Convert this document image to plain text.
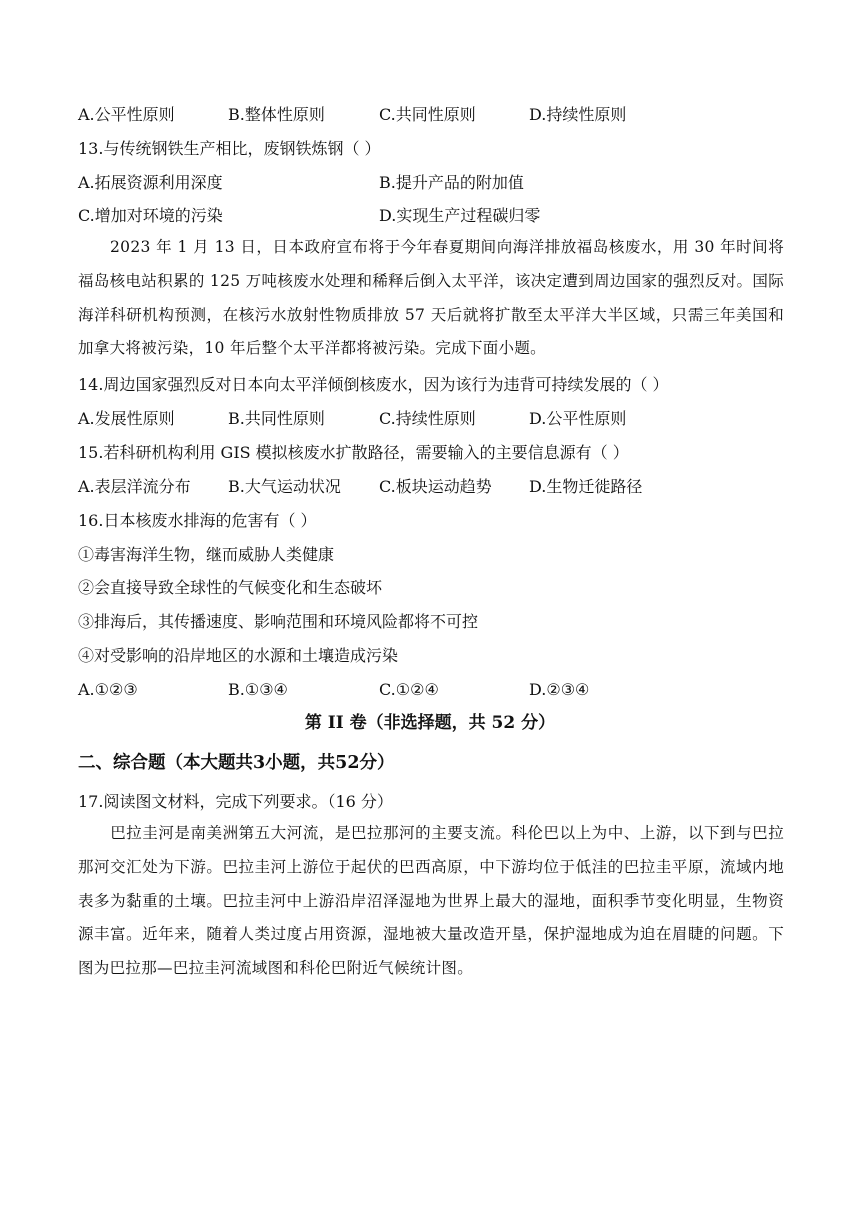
A.公平性原则	B.整体性原则	C.共同性原则	D.持续性原则
13.与传统钢铁生产相比，废钢铁炼钢（ ）
A.拓展资源利用深度	B.提升产品的附加值
C.增加对环境的污染	D.实现生产过程碳归零
2023 年 1 月 13 日，日本政府宣布将于今年春夏期间向海洋排放福岛核废水，用 30 年时间将福岛核电站积累的 125 万吨核废水处理和稀释后倒入太平洋，该决定遭到周边国家的强烈反对。国际海洋科研机构预测，在核污水放射性物质排放 57 天后就将扩散至太平洋大半区域，只需三年美国和加拿大将被污染，10 年后整个太平洋都将被污染。完成下面小题。
14.周边国家强烈反对日本向太平洋倾倒核废水，因为该行为违背可持续发展的（ ）
A.发展性原则	B.共同性原则	C.持续性原则	D.公平性原则
15.若科研机构利用 GIS 模拟核废水扩散路径，需要输入的主要信息源有（ ）
A.表层洋流分布 B.大气运动状况 C.板块运动趋势 D.生物迁徙路径
16.日本核废水排海的危害有（ ）
①毒害海洋生物，继而威胁人类健康
②会直接导致全球性的气候变化和生态破坏
③排海后，其传播速度、影响范围和环境风险都将不可控
④对受影响的沿岸地区的水源和土壤造成污染
A.①②③	B.①③④	C.①②④	D.②③④
第 II 卷（非选择题，共 52 分）
二、综合题（本大题共3小题，共52分）
17.阅读图文材料，完成下列要求。（16 分）
巴拉圭河是南美洲第五大河流，是巴拉那河的主要支流。科伦巴以上为中、上游，以下到与巴拉那河交汇处为下游。巴拉圭河上游位于起伏的巴西高原，中下游均位于低洼的巴拉圭平原，流域内地表多为黏重的土壤。巴拉圭河中上游沿岸沼泽湿地为世界上最大的湿地，面积季节变化明显，生物资源丰富。近年来，随着人类过度占用资源，湿地被大量改造开垦，保护湿地成为迫在眉睫的问题。下图为巴拉那—巴拉圭河流域图和科伦巴附近气候统计图。
